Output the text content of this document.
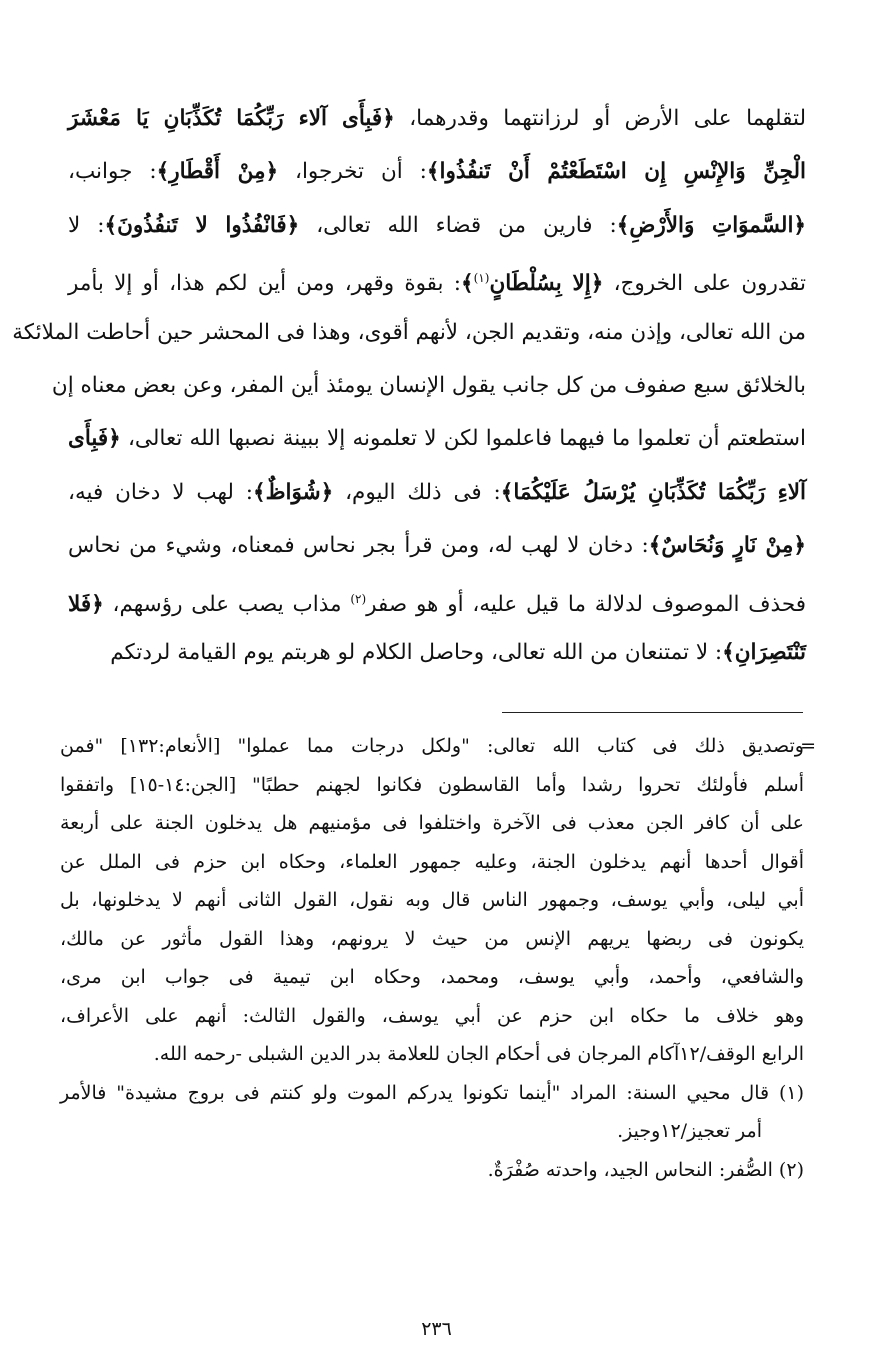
لتقلهما على الأرض أو لرزانتهما وقدرهما، ﴿فَبِأَى آلاء رَبِّكُمَا تُكَذِّبَانِ يَا مَعْشَرَ
الْجِنِّ وَالإِنْسِ إِن اسْتَطَعْتُمْ أَنْ تَنفُذُوا﴾: أن تخرجوا، ﴿مِنْ أَقْطَارِ﴾: جوانب،
﴿السَّموَاتِ وَالأَرْضِ﴾: فارين من قضاء الله تعالى، ﴿فَانْفُذُوا لا تَنفُذُونَ﴾: لا
تقدرون على الخروج، ﴿إِلا بِسُلْطَانٍ$^{(١)}$﴾: بقوة وقهر، ومن أين لكم هذا، أو إلا بأمر
من الله تعالى، وإذن منه، وتقديم الجن، لأنهم أقوى، وهذا فى المحشر حين أحاطت الملائكة
بالخلائق سبع صفوف من كل جانب يقول الإنسان يومئذ أين المفر، وعن بعض معناه إن
استطعتم أن تعلموا ما فيهما فاعلموا لكن لا تعلمونه إلا ببينة نصبها الله تعالى، ﴿فَبِأَى
آلاءِ رَبِّكُمَا تُكَذِّبَانِ يُرْسَلُ عَلَيْكُمَا﴾: فى ذلك اليوم، ﴿شُوَاظٌ﴾: لهب لا دخان فيه،
﴿مِنْ نَارٍ وَنُحَاسٌ﴾: دخان لا لهب له، ومن قرأ بجر نحاس فمعناه، وشيء من نحاس
فحذف الموصوف لدلالة ما قيل عليه، أو هو صفر$^{(٢)}$ مذاب يصب على رؤسهم، ﴿فَلا
تَنْتَصِرَانِ﴾: لا تمتنعان من الله تعالى، وحاصل الكلام لو هربتم يوم القيامة لردتكم
=
وتصديق ذلك فى كتاب الله تعالى: "ولكل درجات مما عملوا" [الأنعام:١٣٢] "فمن
أسلم فأولئك تحروا رشدا وأما القاسطون فكانوا لجهنم حطبًا" [الجن:١٤-١٥] واتفقوا
على أن كافر الجن معذب فى الآخرة واختلفوا فى مؤمنيهم هل يدخلون الجنة على أربعة
أقوال أحدها أنهم يدخلون الجنة، وعليه جمهور العلماء، وحكاه ابن حزم فى الملل عن
أبي ليلى، وأبي يوسف، وجمهور الناس قال وبه نقول، القول الثانى أنهم لا يدخلونها، بل
يكونون فى ربضها يريهم الإنس من حيث لا يرونهم، وهذا القول مأثور عن مالك،
والشافعي، وأحمد، وأبي يوسف، ومحمد، وحكاه ابن تيمية فى جواب ابن مرى،
وهو خلاف ما حكاه ابن حزم عن أبي يوسف، والقول الثالث: أنهم على الأعراف،
الرابع الوقف/١٢آكام المرجان فى أحكام الجان للعلامة بدر الدين الشبلى -رحمه الله.
(١) قال محيي السنة: المراد "أينما تكونوا يدركم الموت ولو كنتم فى بروج مشيدة" فالأمر
أمر تعجيز/١٢وجيز.
(٢) الصُّفر: النحاس الجيد، واحدته صُفْرَةٌ.
٢٣٦
